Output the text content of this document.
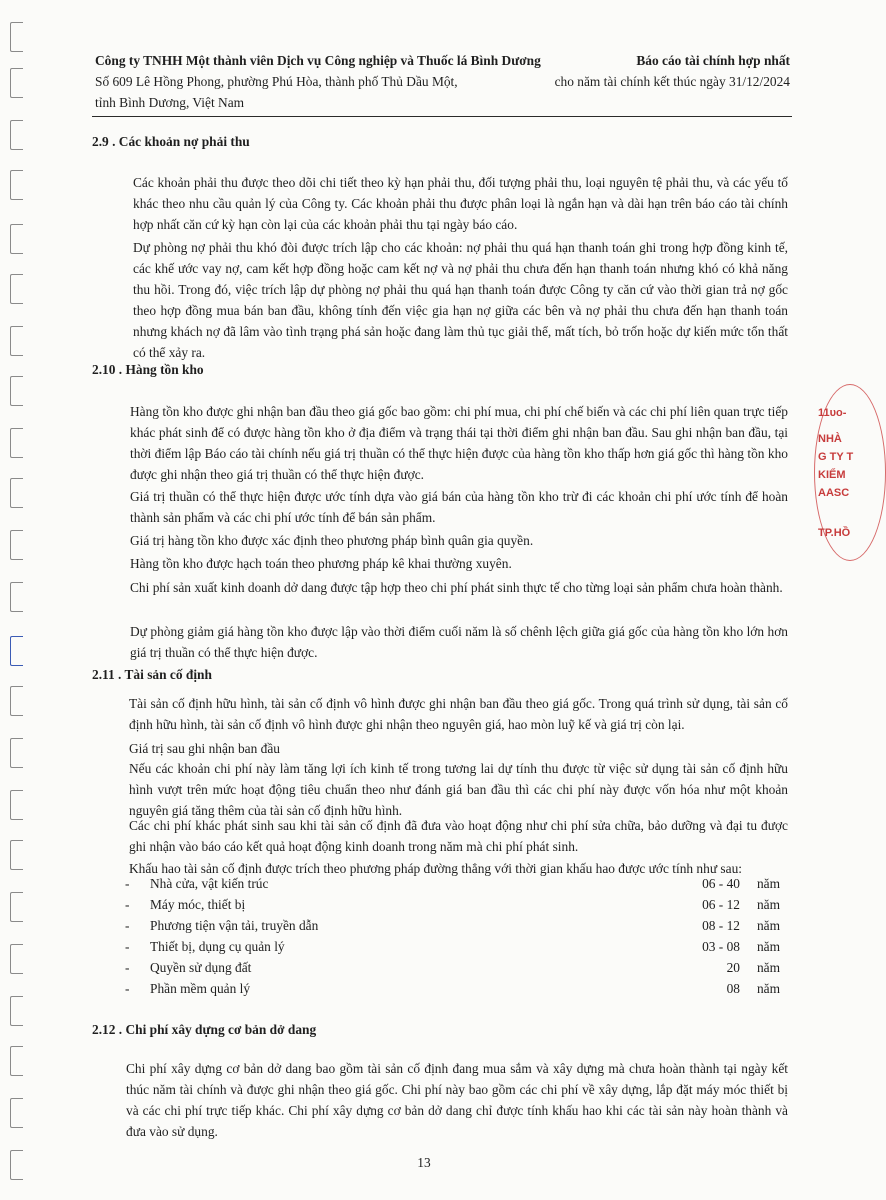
Công ty TNHH Một thành viên Dịch vụ Công nghiệp và Thuốc lá Bình Dương	Báo cáo tài chính hợp nhất
Số 609 Lê Hồng Phong, phường Phú Hòa, thành phố Thủ Dầu Một,	cho năm tài chính kết thúc ngày 31/12/2024
tỉnh Bình Dương, Việt Nam
2.9 . Các khoản nợ phải thu

Các khoản phải thu được theo dõi chi tiết theo kỳ hạn phải thu, đối tượng phải thu, loại nguyên tệ phải thu, và các yếu tố khác theo nhu cầu quản lý của Công ty. Các khoản phải thu được phân loại là ngắn hạn và dài hạn trên báo cáo tài chính hợp nhất căn cứ kỳ hạn còn lại của các khoản phải thu tại ngày báo cáo.

Dự phòng nợ phải thu khó đòi được trích lập cho các khoản: nợ phải thu quá hạn thanh toán ghi trong hợp đồng kinh tế, các khế ước vay nợ, cam kết hợp đồng hoặc cam kết nợ và nợ phải thu chưa đến hạn thanh toán nhưng khó có khả năng thu hồi. Trong đó, việc trích lập dự phòng nợ phải thu quá hạn thanh toán được Công ty căn cứ vào thời gian trả nợ gốc theo hợp đồng mua bán ban đầu, không tính đến việc gia hạn nợ giữa các bên và nợ phải thu chưa đến hạn thanh toán nhưng khách nợ đã lâm vào tình trạng phá sản hoặc đang làm thủ tục giải thể, mất tích, bỏ trốn hoặc dự kiến mức tổn thất có thể xảy ra.

2.10 . Hàng tồn kho

Hàng tồn kho được ghi nhận ban đầu theo giá gốc bao gồm: chi phí mua, chi phí chế biến và các chi phí liên quan trực tiếp khác phát sinh để có được hàng tồn kho ở địa điểm và trạng thái tại thời điểm ghi nhận ban đầu. Sau ghi nhận ban đầu, tại thời điểm lập Báo cáo tài chính nếu giá trị thuần có thể thực hiện được của hàng tồn kho thấp hơn giá gốc thì hàng tồn kho được ghi nhận theo giá trị thuần có thể thực hiện được.

Giá trị thuần có thể thực hiện được ước tính dựa vào giá bán của hàng tồn kho trừ đi các khoản chi phí ước tính để hoàn thành sản phẩm và các chi phí ước tính để bán sản phẩm.

Giá trị hàng tồn kho được xác định theo phương pháp bình quân gia quyền.

Hàng tồn kho được hạch toán theo phương pháp kê khai thường xuyên.

Chi phí sản xuất kinh doanh dở dang được tập hợp theo chi phí phát sinh thực tế cho từng loại sản phẩm chưa hoàn thành.

Dự phòng giảm giá hàng tồn kho được lập vào thời điểm cuối năm là số chênh lệch giữa giá gốc của hàng tồn kho lớn hơn giá trị thuần có thể thực hiện được.

2.11 . Tài sản cố định

Tài sản cố định hữu hình, tài sản cố định vô hình được ghi nhận ban đầu theo giá gốc. Trong quá trình sử dụng, tài sản cố định hữu hình, tài sản cố định vô hình được ghi nhận theo nguyên giá, hao mòn luỹ kế và giá trị còn lại.

Giá trị sau ghi nhận ban đầu

Nếu các khoản chi phí này làm tăng lợi ích kinh tế trong tương lai dự tính thu được từ việc sử dụng tài sản cố định hữu hình vượt trên mức hoạt động tiêu chuẩn theo như đánh giá ban đầu thì các chi phí này được vốn hóa như một khoản nguyên giá tăng thêm của tài sản cố định hữu hình.

Các chi phí khác phát sinh sau khi tài sản cố định đã đưa vào hoạt động như chi phí sửa chữa, bảo dưỡng và đại tu được ghi nhận vào báo cáo kết quả hoạt động kinh doanh trong năm mà chi phí phát sinh.

Khấu hao tài sản cố định được trích theo phương pháp đường thẳng với thời gian khấu hao được ước tính như sau:

- Nhà cửa, vật kiến trúc	06 - 40 năm
- Máy móc, thiết bị	06 - 12 năm
- Phương tiện vận tải, truyền dẫn	08 - 12 năm
- Thiết bị, dụng cụ quản lý	03 - 08 năm
- Quyền sử dụng đất	20 năm
- Phần mềm quản lý	08 năm
2.12 . Chi phí xây dựng cơ bản dở dang

Chi phí xây dựng cơ bản dở dang bao gồm tài sản cố định đang mua sắm và xây dựng mà chưa hoàn thành tại ngày kết thúc năm tài chính và được ghi nhận theo giá gốc. Chi phí này bao gồm các chi phí về xây dựng, lắp đặt máy móc thiết bị và các chi phí trực tiếp khác. Chi phí xây dựng cơ bản dở dang chỉ được tính khấu hao khi các tài sản này hoàn thành và đưa vào sử dụng.

13
11υο-
NHÀ
G TY T
KIỂM
AASC
TP.HỒ
